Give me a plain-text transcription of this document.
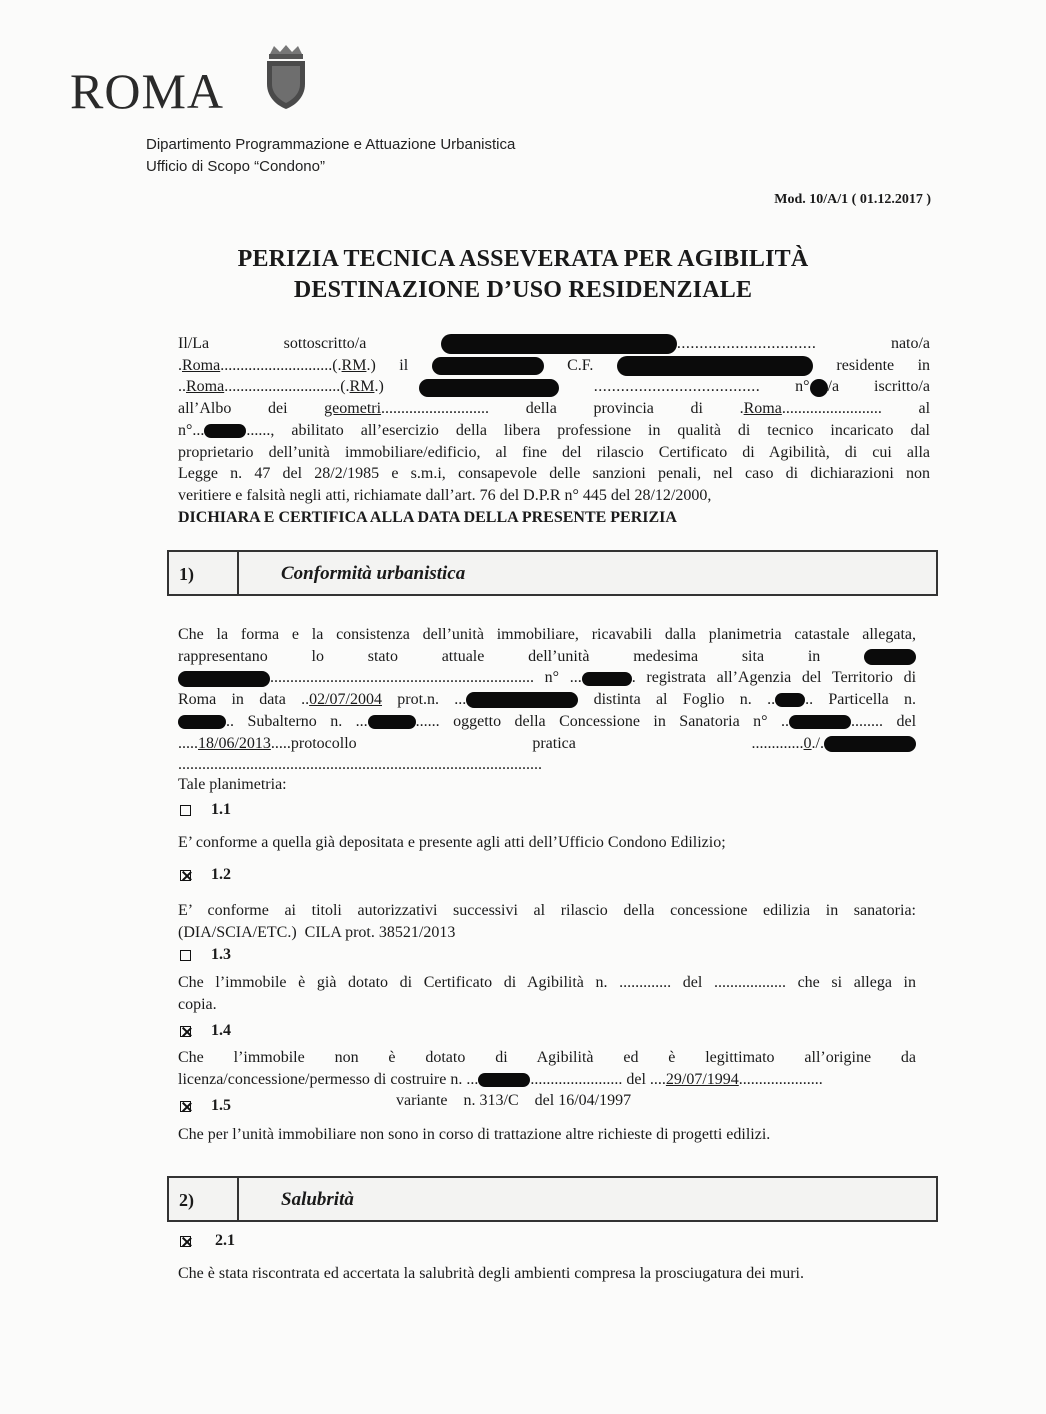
ROMA
Dipartimento Programmazione e Attuazione Urbanistica
Ufficio di Scopo “Condono”
Mod. 10/A/1 ( 01.12.2017 )
PERIZIA TECNICA ASSEVERATA PER AGIBILITÀ
DESTINAZIONE D’USO RESIDENZIALE
Il/La	sottoscritto/a	...............................	nato/a
.Roma............................(.RM.) il	C.F.	residente in
..Roma.............................(.RM.)	..................................... n° /a iscritto/a
all’Albo dei geometri........................... della provincia di .Roma......................... al
n°...	......, abilitato all’esercizio della libera professione in qualità di tecnico incaricato dal
proprietario dell’unità immobiliare/edificio, al fine del rilascio Certificato di Agibilità, di cui alla
Legge n. 47 del 28/2/1985 e s.m.i, consapevole delle sanzioni penali, nel caso di dichiarazioni non
veritiere e falsità negli atti, richiamate dall’art. 76 del D.P.R n° 445 del 28/12/2000,
DICHIARA E CERTIFICA ALLA DATA DELLA PRESENTE PERIZIA
1)	Conformità urbanistica
Che la forma e la consistenza dell’unità immobiliare, ricavabili dalla planimetria catastale allegata,
rappresentano	lo	stato	attuale	dell’unità	medesima	sita	in
.................................................................. n° ...	. registrata all’Agenzia del Territorio di
Roma in data ..02/07/2004 prot.n. ...	distinta al Foglio n. .. .. Particella n.
.. Subalterno n. ...	...... oggetto della Concessione in Sanatoria n° ..	........ del
.....18/06/2013.....protocollo pratica	.............0./............................................................................................
Tale planimetria:
1.1
E’ conforme a quella già depositata e presente agli atti dell’Ufficio Condono Edilizio;
1.2
E’ conforme ai titoli autorizzativi successivi al rilascio della concessione edilizia in sanatoria:
(DIA/SCIA/ETC.) CILA prot. 38521/2013
1.3
Che l’immobile è già dotato di Certificato di Agibilità n. ............. del .................. che si allega in
copia.
1.4
Che l’immobile non è dotato di Agibilità ed è legittimato all’origine da
licenza/concessione/permesso di costruire n. ...	....................... del ....29/07/1994.....................
variante    n. 313/C    del 16/04/1997
1.5
Che per l’unità immobiliare non sono in corso di trattazione altre richieste di progetti edilizi.
2)	Salubrità
2.1
Che è stata riscontrata ed accertata la salubrità degli ambienti compresa la prosciugatura dei muri.
